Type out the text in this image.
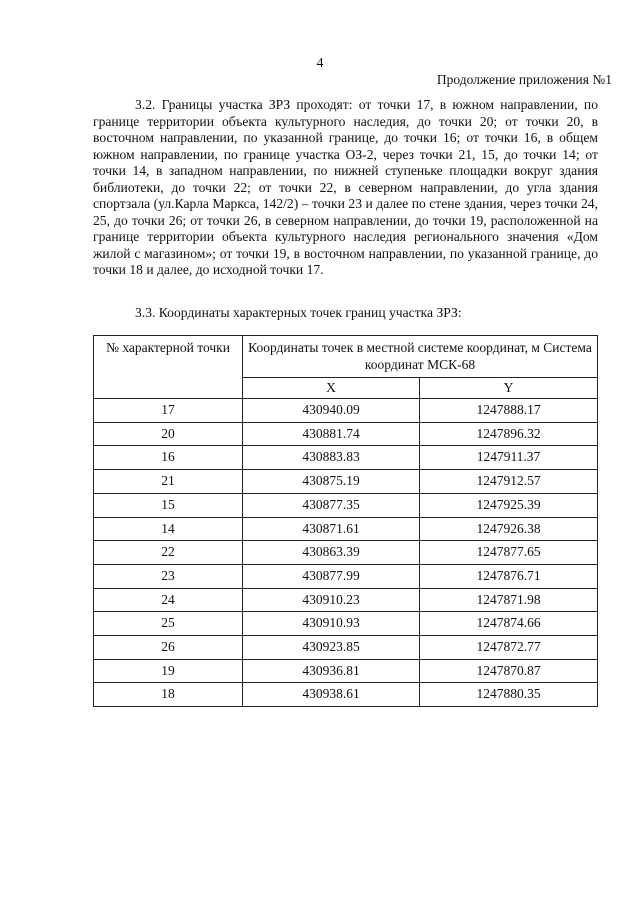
4
Продолжение приложения №1

3.2. Границы участка ЗРЗ проходят: от точки 17, в южном направлении, по границе территории объекта культурного наследия, до точки 20; от точки 20, в восточном направлении, по указанной границе, до точки 16; от точки 16, в общем южном направлении, по границе участка ОЗ-2, через точки 21, 15, до точки 14; от точки 14, в западном направлении, по нижней ступеньке площадки вокруг здания библиотеки, до точки 22; от точки 22, в северном направлении, до угла здания спортзала (ул.Карла Маркса, 142/2) – точки 23 и далее по стене здания, через точки 24, 25, до точки 26; от точки 26, в северном направлении, до точки 19, расположенной на границе территории объекта культурного наследия регионального значения «Дом жилой с магазином»; от точки 19, в восточном направлении, по указанной границе, до точки 18 и далее, до исходной точки 17.

3.3. Координаты характерных точек границ участка ЗРЗ:

№ характерной точки	Координаты точек в местной системе координат, м Система координат МСК-68	
	X	Y
17	430940.09	1247888.17
20	430881.74	1247896.32
16	430883.83	1247911.37
21	430875.19	1247912.57
15	430877.35	1247925.39
14	430871.61	1247926.38
22	430863.39	1247877.65
23	430877.99	1247876.71
24	430910.23	1247871.98
25	430910.93	1247874.66
26	430923.85	1247872.77
19	430936.81	1247870.87
18	430938.61	1247880.35
